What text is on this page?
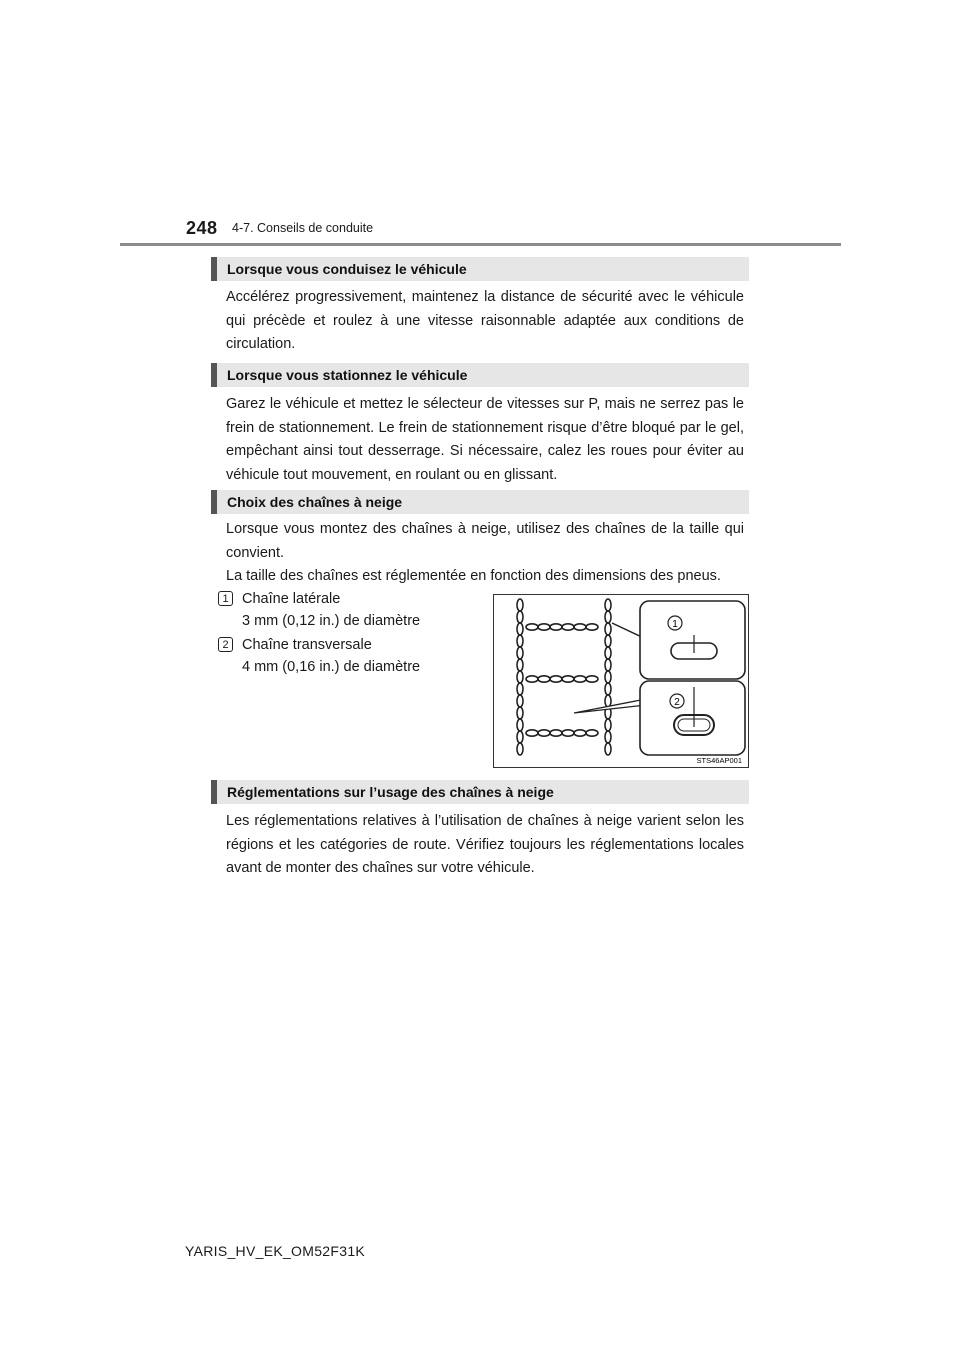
248 4-7. Conseils de conduite
Lorsque vous conduisez le véhicule
Accélérez progressivement, maintenez la distance de sécurité avec le véhicule qui précède et roulez à une vitesse raisonnable adaptée aux conditions de circulation.
Lorsque vous stationnez le véhicule
Garez le véhicule et mettez le sélecteur de vitesses sur P, mais ne serrez pas le frein de stationnement. Le frein de stationnement risque d’être bloqué par le gel, empêchant ainsi tout desserrage. Si nécessaire, calez les roues pour éviter au véhicule tout mouvement, en roulant ou en glissant.
Choix des chaînes à neige
Lorsque vous montez des chaînes à neige, utilisez des chaînes de la taille qui convient.
La taille des chaînes est réglementée en fonction des dimensions des pneus.
1 Chaîne latérale
3 mm (0,12 in.) de diamètre
2 Chaîne transversale
4 mm (0,16 in.) de diamètre
1
2
STS46AP001
Réglementations sur l’usage des chaînes à neige
Les réglementations relatives à l’utilisation de chaînes à neige varient selon les régions et les catégories de route. Vérifiez toujours les réglementations locales avant de monter des chaînes sur votre véhicule.
YARIS_HV_EK_OM52F31K
